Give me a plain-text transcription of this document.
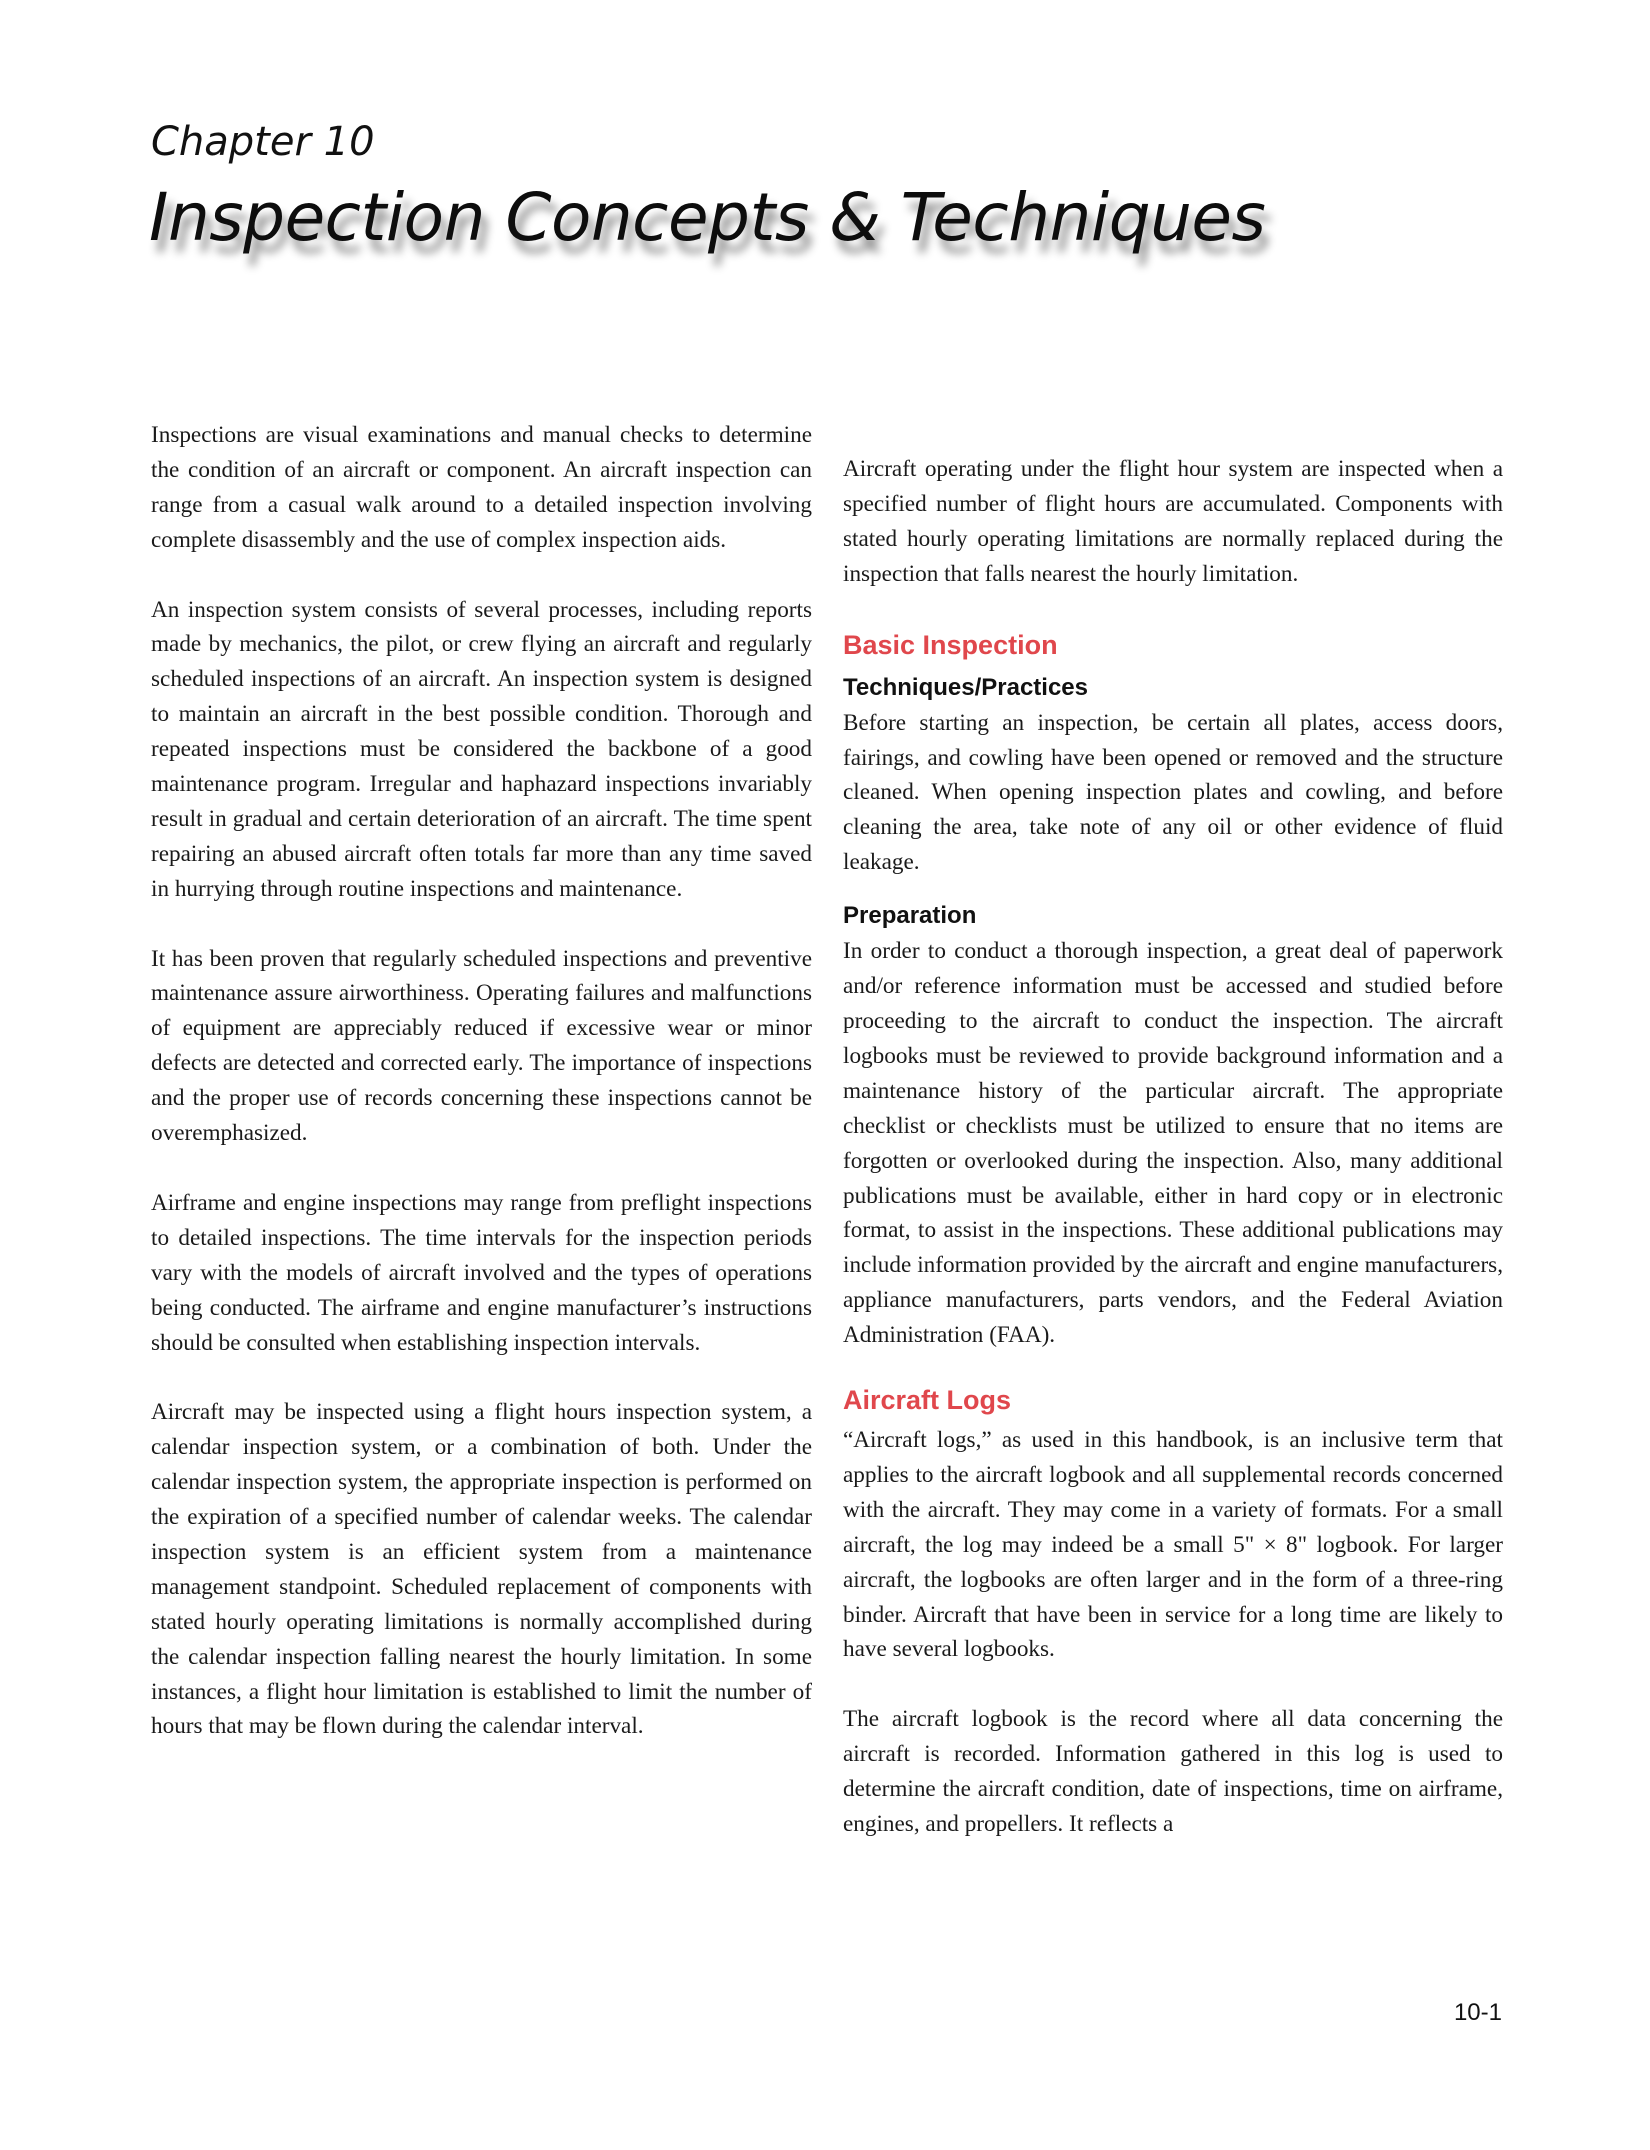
Chapter 10
Inspection Concepts & Techniques

Inspections are visual examinations and manual checks to determine the condition of an aircraft or component. An aircraft inspection can range from a casual walk around to a detailed inspection involving complete disassembly and the use of complex inspection aids.

An inspection system consists of several processes, including reports made by mechanics, the pilot, or crew flying an aircraft and regularly scheduled inspections of an aircraft. An inspection system is designed to maintain an aircraft in the best possible condition. Thorough and repeated inspections must be considered the backbone of a good maintenance program. Irregular and haphazard inspections invariably result in gradual and certain deterioration of an aircraft. The time spent repairing an abused aircraft often totals far more than any time saved in hurrying through routine inspections and maintenance.

It has been proven that regularly scheduled inspections and preventive maintenance assure airworthiness. Operating failures and malfunctions of equipment are appreciably reduced if excessive wear or minor defects are detected and corrected early. The importance of inspections and the proper use of records concerning these inspections cannot be overemphasized.

Airframe and engine inspections may range from preflight inspections to detailed inspections. The time intervals for the inspection periods vary with the models of aircraft involved and the types of operations being conducted. The airframe and engine manufacturer’s instructions should be consulted when establishing inspection intervals.

Aircraft may be inspected using a flight hours inspection system, a calendar inspection system, or a combination of both. Under the calendar inspection system, the appropriate inspection is performed on the expiration of a specified number of calendar weeks. The calendar inspection system is an efficient system from a maintenance management standpoint. Scheduled replacement of components with stated hourly operating limitations is normally accomplished during the calendar inspection falling nearest the hourly limitation. In some instances, a flight hour limitation is established to limit the number of hours that may be flown during the calendar interval.

Aircraft operating under the flight hour system are inspected when a specified number of flight hours are accumulated. Components with stated hourly operating limitations are normally replaced during the inspection that falls nearest the hourly limitation.

Basic Inspection
Techniques/Practices

Before starting an inspection, be certain all plates, access doors, fairings, and cowling have been opened or removed and the structure cleaned. When opening inspection plates and cowling, and before cleaning the area, take note of any oil or other evidence of fluid leakage.

Preparation

In order to conduct a thorough inspection, a great deal of paperwork and/or reference information must be accessed and studied before proceeding to the aircraft to conduct the inspection. The aircraft logbooks must be reviewed to provide background information and a maintenance history of the particular aircraft. The appropriate checklist or checklists must be utilized to ensure that no items are forgotten or overlooked during the inspection. Also, many additional publications must be available, either in hard copy or in electronic format, to assist in the inspections. These additional publications may include information provided by the aircraft and engine manufacturers, appliance manufacturers, parts vendors, and the Federal Aviation Administration (FAA).

Aircraft Logs

“Aircraft logs,” as used in this handbook, is an inclusive term that applies to the aircraft logbook and all supplemental records concerned with the aircraft. They may come in a variety of formats. For a small aircraft, the log may indeed be a small 5" × 8" logbook. For larger aircraft, the logbooks are often larger and in the form of a three-ring binder. Aircraft that have been in service for a long time are likely to have several logbooks.

The aircraft logbook is the record where all data concerning the aircraft is recorded. Information gathered in this log is used to determine the aircraft condition, date of inspections, time on airframe, engines, and propellers. It reflects a

10-1
